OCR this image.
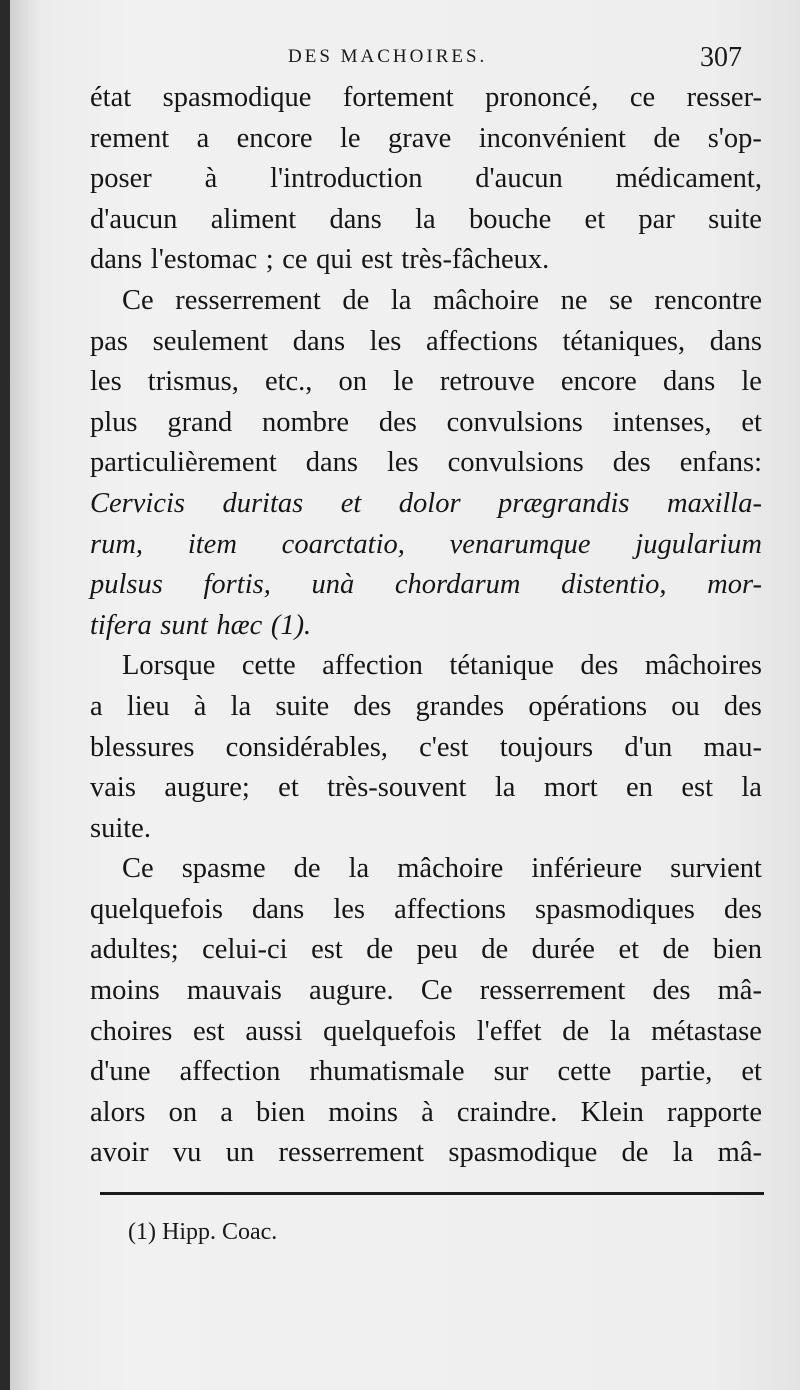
DES MACHOIRES.	307
état spasmodique fortement prononcé, ce resser-
rement a encore le grave inconvénient de s'op-
poser à l'introduction d'aucun médicament,
d'aucun aliment dans la bouche et par suite
dans l'estomac ; ce qui est très-fâcheux.
Ce resserrement de la mâchoire ne se rencontre
pas seulement dans les affections tétaniques, dans
les trismus, etc., on le retrouve encore dans le
plus grand nombre des convulsions intenses, et
particulièrement dans les convulsions des enfans:
Cervicis duritas et dolor prægrandis maxilla-
rum, item coarctatio, venarumque jugularium
pulsus fortis, unà chordarum distentio, mor-
tifera sunt hæc (1).
Lorsque cette affection tétanique des mâchoires
a lieu à la suite des grandes opérations ou des
blessures considérables, c'est toujours d'un mau-
vais augure; et très-souvent la mort en est la
suite.
Ce spasme de la mâchoire inférieure survient
quelquefois dans les affections spasmodiques des
adultes; celui-ci est de peu de durée et de bien
moins mauvais augure. Ce resserrement des mâ-
choires est aussi quelquefois l'effet de la métastase
d'une affection rhumatismale sur cette partie, et
alors on a bien moins à craindre. Klein rapporte
avoir vu un resserrement spasmodique de la mâ-
(1) Hipp. Coac.
